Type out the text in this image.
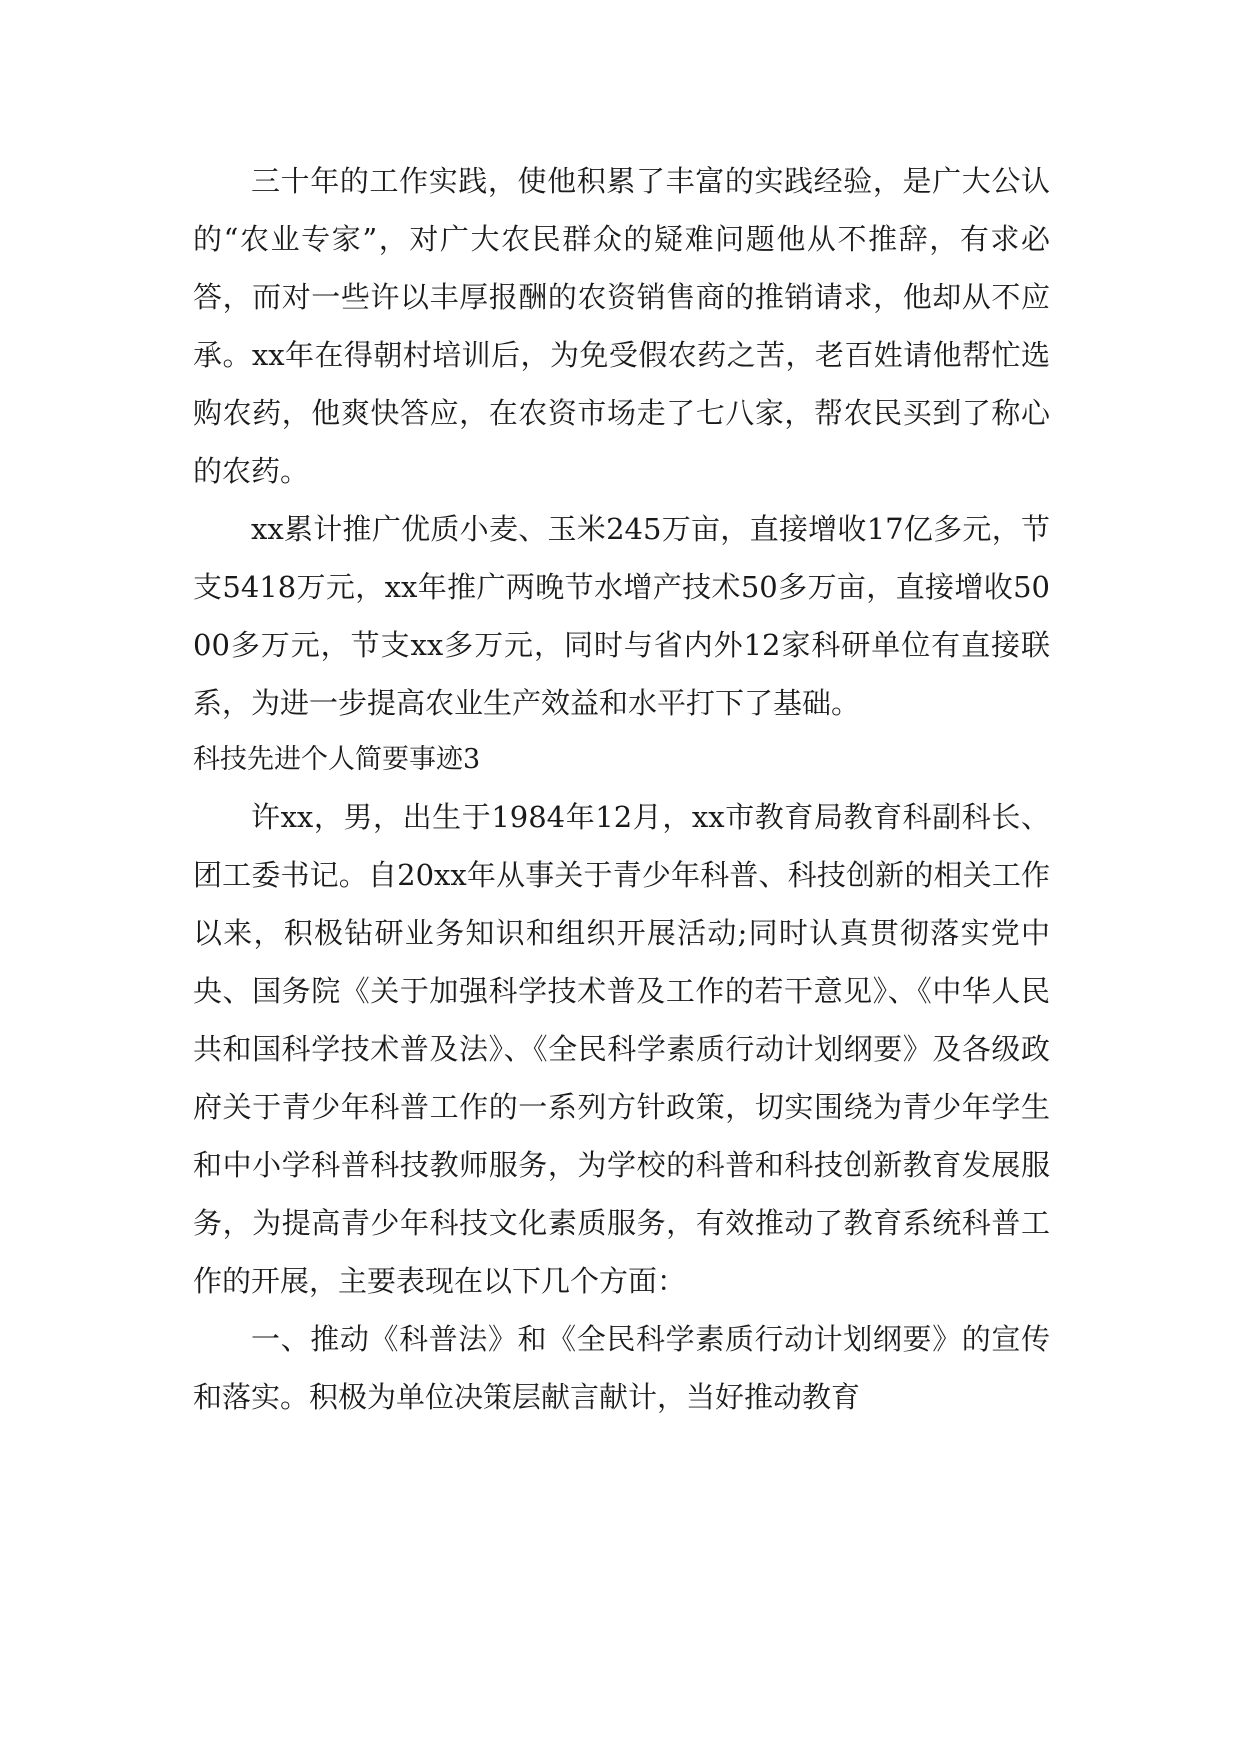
三十年的工作实践，使他积累了丰富的实践经验，是广大公认的“农业专家”，对广大农民群众的疑难问题他从不推辞，有求必答，而对一些许以丰厚报酬的农资销售商的推销请求，他却从不应承。xx年在得朝村培训后，为免受假农药之苦，老百姓请他帮忙选购农药，他爽快答应，在农资市场走了七八家，帮农民买到了称心的农药。

xx累计推广优质小麦、玉米245万亩，直接增收17亿多元，节支5418万元，xx年推广两晚节水增产技术50多万亩，直接增收5000多万元，节支xx多万元，同时与省内外12家科研单位有直接联系，为进一步提高农业生产效益和水平打下了基础。

科技先进个人简要事迹3

许xx，男，出生于1984年12月，xx市教育局教育科副科长、团工委书记。自20xx年从事关于青少年科普、科技创新的相关工作以来，积极钻研业务知识和组织开展活动;同时认真贯彻落实党中央、国务院《关于加强科学技术普及工作的若干意见》、《中华人民共和国科学技术普及法》、《全民科学素质行动计划纲要》及各级政府关于青少年科普工作的一系列方针政策，切实围绕为青少年学生和中小学科普科技教师服务，为学校的科普和科技创新教育发展服务，为提高青少年科技文化素质服务，有效推动了教育系统科普工作的开展，主要表现在以下几个方面：

一、推动《科普法》和《全民科学素质行动计划纲要》的宣传和落实。积极为单位决策层献言献计，当好推动教育
